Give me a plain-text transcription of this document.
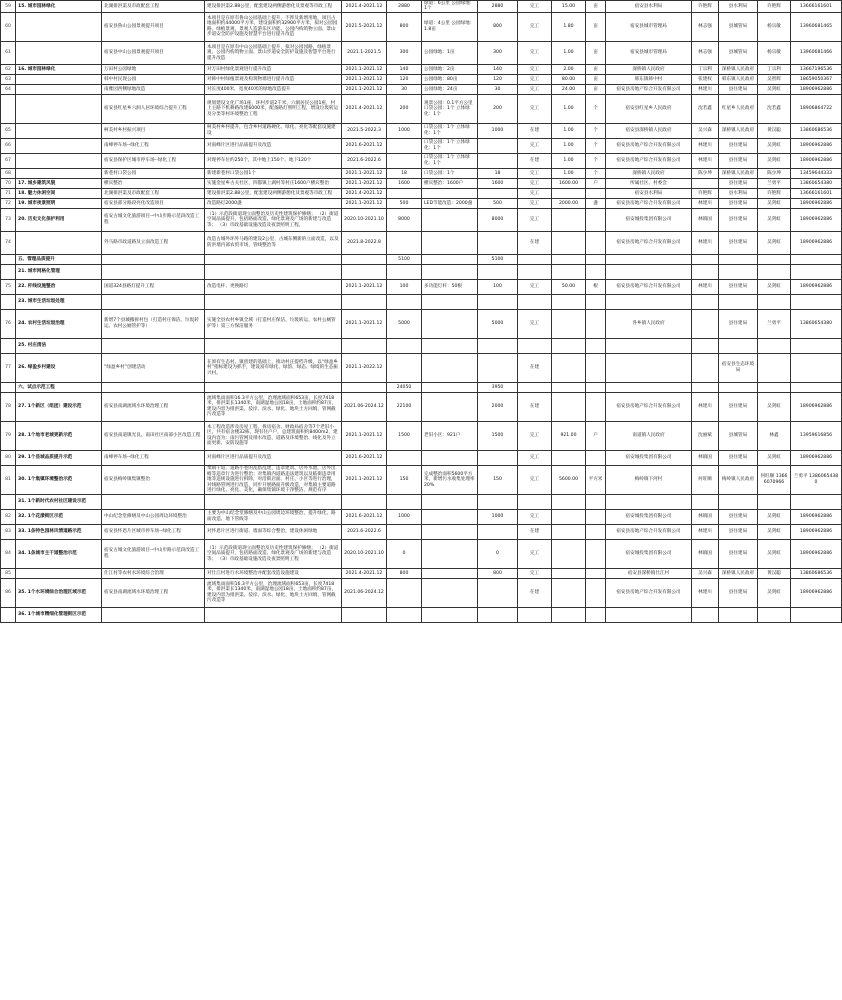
59	15. 城市园林绿化	北湖排洪渠及市政配套工程	建设排洪渠2.88公里，配套建设两侧游憩化及景观等市政工程	2021.4-2021.12	2880	绿道：6公里 公园绿地：1个	2880	完工	15.00	亩	宿安县水利局	许艳辉	县水利局	许艳辉	13666161601
60		宿安县鲁山公园景观提升项目	本项目是在原有鲁山公园基础上提升，不涉及新增用地，项目占地面积约44000平方米，建设面积约32900平方米，拟对公园园路、绿植景观、景观人造游乐区功能、公园内构筑物立面、景山步道安全防护设施及智慧平台进行提升改造	2021.5-2021.12	800	绿道：4公里 公园绿地：1.8亩	800	完工	1.80	亩	宿安县城市管理局	林志强	县城管局	杨宗敏	13960681465
61		宿安县中山公园景观提升项目	本项目是在原有中山公园基础上提升，拟对公园园路、绿植景观、公园内构筑物立面、景山步道安全防护设施及智慧平台进行提升改造	2021.1-2021.5	300	公园绿地：1亩	300	完工	1.00	亩	宿安县城市管理局	林志强	县城管局	杨宗敏	13960681466
62	16. 城市园林绿化	万田村公园绿地	对万田村绿化景观进行提升改造	2021.1-2021.12	140	公园绿地：2亩	140	完工	2.00	亩	深桥镇人民政府	丁宗利	深桥镇人民政府	丁宗利	13667196536
63		韩中村民现公园	对韩中村绿植景观及构筑物墙进行提升改造	2021.1-2021.12	120	公园绿地：80亩	120	完工	80.00	亩	韩东镇韩中村	张建权	韩东镇人民政府	吴智辉	18659050367
64		南雅园西侧绿地改造	对长度400米，宽度40米的绿地改造提升	2021.1-2021.12	30	公园绿地：24亩	30	完工	24.00	亩	宿安县房地产综合开发有限公司	林建川	县住建局	吴剑虹	18906962886
		宿安县红星乡六洞人居环境综合提升工程	规划建设文化广场1座，环村步道2千米，六洞居民公园1座，村上主路下机耕路改建6000米，配备路灯照明工程，增设垃圾转运及分类等村环境整治工程	2021.4-2021.12	200	观景公园：0.1平方公里 口袋公园：1个 立体绿化：1个	200	完工	1.00	个	宿安县红星乡人民政府	沈若鑫	红星乡人民政府	沈若鑫	18906864722
65		柯美村乡村振兴项目	柯美村乡村提升，包含乡村道路硬化、绿化、亮化等配套设施建设	2021.5-2022.3	1000	口袋公园：1个 立体绿化：1个	1000	在建	1.00	个	宿安县深桥镇人民政府	吴兴森	深桥镇人民政府	黄汉聪	13860686536
66		南峰停车场--绿化工程	对南峰片区进行品质提升及改造	2021.6-2021.12		口袋公园：1个 立体绿化：1个		完工	1.00	个	宿安县房地产综合开发有限公司	林建川	县住建局	吴剑虹	18906962886
67		宿安县保护区城市停车场--绿化工程	对现停车位约250个，其中地上150个、地下120个	2021.6-2022.6		口袋公园：1个 立体绿化：1个		在建	1.00	个	宿安县房地产综合开发有限公司	林建川	县住建局	吴剑虹	18906962886
68		新巷村口袋公园	新建新巷村口袋公园1个	2021.1-2021.12	18	口袋公园：1个	18	完工	1.00	个	深桥镇人民政府	陈少坤	深桥镇人民政府	陈少坤	13459644333
70	17. 城乡建筑风貌	横宾整治	实施金星乡古关社区，四都镇上湖村等村庄1600户横宾整治	2021.1-2021.12	1600	横宾整治：1600户	1600	完工	1600.00	户	所属社区、村委会		县住建局	兰勇平	13860654380
71	18. 魅力休闲空间	北湖排洪渠及市政配套工程	建设排洪渠2.88公里，配套建设两侧游憩化及景观等市政工程	2021.4-2021.12				完工			宿安县水利局	许艳辉	县水利局	许艳辉	13666161601
72	19. 城市夜景照明	宿安县部分路段亮化改造项目	改造路灯2000盏	2021.1-2021.12	500	LED节能改造：2000盏	500	完工	2000.00	盏	宿安县房地产综合开发有限公司	林建川	县住建局	吴剑虹	18906962886
73	20. 历史文化保护利用	宿安古城文化旅游项目--中山步路示范段改造工程	（1）示范段街道现立面整治及历史性建筑保护修缮； （2）街道空间品质提升，包括路面改造、绿化景观及广场的新建与改造等； （3）市政基础设施改造及夜景照明工程。	2020.10-2021.10	8000		8000	完工			宿安城投集团有限公司	林镇国	县住建局	吴剑虹	18906962886
74		外马路市政道路及立面改造工程	改造古城外环外马路的建设2公里，古城东侧新的立面改造，以及防洪墙内部农贸市场，管线整治等	2021.8-2022.8				在建			宿安县房地产综合开发有限公司	林建川	县住建局	吴剑虹	18906962886
	五、管理品质提升				5100		5100								
	21. 城市网格化管理														
75	22. 杆线设施整治	国道324县路灯提升工程	改造电杆、更换路灯	2021.1-2021.12	100	多功能灯杆：50根	100	完工	50.00	根	宿安县房地产综合开发有限公司	林建川	县住建局	吴剑虹	18906962886
	23. 城市生活垃圾处理														
76	24. 农村生活垃圾治理	新增7个县城搬拆村包（打造村庄保洁、垃圾转运、农村公厕管护等）	实施全县农村乡镇全域（打造村庄保洁、垃圾转运、农村公厕管护等）第三方保洁服务	2021.1-2021.12	5000		5000	完工			各乡镇人民政府		县住建局	兰勇平	13860654380
	25. 村庄清洁														
77	26. 绿盈乡村建设	“绿盈乡村”创建活动	在原有生态村、镇创建的基础上，推动村庄提档升级，以“绿盈乡村”指标建设为抓手，建设富有绿化、绿韵、绿态、绿境的生态振兴村。	2021.1-2022.12				在建					宿安县生态环境局		
	六、试点示范工程				24050		3950								
78	27. 1个新区（组团）建设示范	宿安县南湖流域水环境治理工程	流域集雨面积16.3平方公里，治理流域面积653亩，长度7418米，排洪渠长1340米，南湖湿地公园18亩，土地面积约87亩，建设内容为排洪渠、驳岸、滨水、绿化、地块土方回填、管网截污改造等	2021.06-2024.12	22100		2000	在建			宿安县房地产综合开发有限公司	林建川	县住建局	吴剑虹	18906962886
79	28. 1个地市老城更新示范	宿安县南道镇光良、南田社区南部小区改造工程	本工程改造涉及房屋工程，拆房宿舍、财政局宿舍等7个老旧小区，共有宿舍楼32栋，现有住户户，总建筑面积约8400m2，建设内容为：雨污管网及排水改造、道路及环境整治、线化及外立面更新、安防设施等	2021.1-2021.12	1500	老旧小区：921户	1500	完工	921.00	户	南道镇人民政府	沈丽斌	县城管局	林鑫	13959616856
80	29. 1个县城品质提升示范	南峰停车场--绿化工程	对南峰片区进行品质提升及改造	2021.6-2021.12				完工			宿安城投集团有限公司	林镇国	县住建局	吴剑虹	18906962886
81	30. 1个集镇环境整治示范	宿安县梅岭镇集镇整治	集镇干道、道路小巷的乱搭乱建，违章建筑、店外水池，店外出檐等违章行为进行整治；对集镇内道路违法建筑以及临街违章用地等违规设施进行拆除，对沿街店面、村庄、小区等进行治理，对线路管网进行改造，同步开展路面升级改造，对集镇主要道路进行绿化、亮化、美化，确保集镇环境干净整洁、规范有序	2021.1-2021.12	150	完成整治面积5600平方米，新增污水收集处理率20%	150	完工	5600.00	平方米	梅岭镇下河村	何旺顺	梅岭镇人民政府	何旺顺 13666070966	兰勇平 13860654380
	31. 1个新时代农村社区建设示范														
82	32. 1个花漾街区示范	中山纪念堂修缮及中山公园周边环境整治	主要为中山纪念堂修缮及中山公园周边环境整治，提升绿化、路面改造、地下管线等	2021.6-2021.12	1000		1000	完工			宿安城投集团有限公司	林镇国	县住建局	吴剑虹	18906962886
83	33. 1条特色园林风情道路示范	宿安县怀恩片区城市停车场--绿化工程	对怀恩片区进行街道、墙面等综合整治，建设休闲绿地	2021.6-2022.6				在建			宿安县房地产综合开发有限公司	林建川	县住建局	吴剑虹	18906962886
84	34. 1条城市主干道整治示范	宿安古城文化旅游项目--中山步路示范段改造工程	（1）示范段街道现立面整治及历史性建筑保护修缮； （2）街道空间品质提升，包括路面改造、绿化景观及广场的新建与改造等； （3）市政基础设施改造及夜景照明工程	2020.10-2021.10	0		0	完工			宿安城投集团有限公司	林镇国	县住建局	吴剑虹	18906962886
85		仕江村等农村水环境综合治理	对仕江村进行水环境整治并配套改造设施建设	2021.4-2021.12	800		800	完工			宿安县深桥镇仕江村	吴兴森	深桥镇人民政府	黄汉聪	13860686536
86	35. 1个水环境综合治理区域示范	宿安县南湖流域水环境治理工程	流域集雨面积16.3平方公里，治理流域面积653亩，长度7418米，排洪渠长1340米，南湖湿地公园18亩，土地面积约87亩，建设内容为排洪渠、驳岸、滨水、绿化、地块土方回填、管网截污改造等	2021.06-2024.12				在建			宿安县房地产综合开发有限公司	林建川	县住建局	吴剑虹	18906962886
	36. 1个城市精细化管理街区示范														
